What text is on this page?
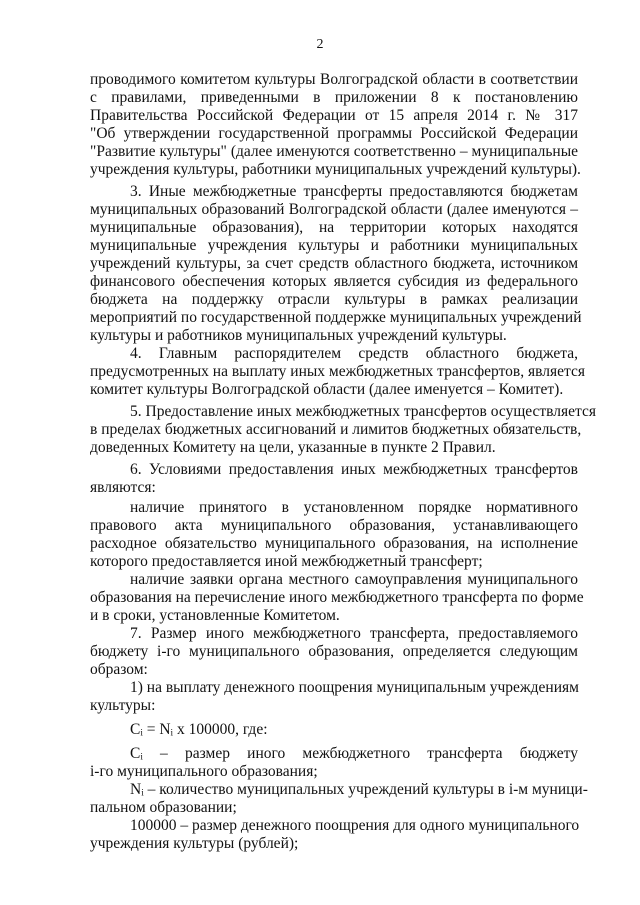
2
проводимого комитетом культуры Волгоградской области в соответствии
с правилами, приведенными в приложении 8 к постановлению
Правительства Российской Федерации от 15 апреля 2014 г. № 317
"Об утверждении государственной программы Российской Федерации
"Развитие культуры" (далее именуются соответственно – муниципальные
учреждения культуры, работники муниципальных учреждений культуры).
3. Иные межбюджетные трансферты предоставляются бюджетам
муниципальных образований Волгоградской области (далее именуются –
муниципальные образования), на территории которых находятся
муниципальные учреждения культуры и работники муниципальных
учреждений культуры, за счет средств областного бюджета, источником
финансового обеспечения которых является субсидия из федерального
бюджета на поддержку отрасли культуры в рамках реализации
мероприятий по государственной поддержке муниципальных учреждений
культуры и работников муниципальных учреждений культуры.
4. Главным распорядителем средств областного бюджета,
предусмотренных на выплату иных межбюджетных трансфертов, является
комитет культуры Волгоградской области (далее именуется – Комитет).
5. Предоставление иных межбюджетных трансфертов осуществляется
в пределах бюджетных ассигнований и лимитов бюджетных обязательств,
доведенных Комитету на цели, указанные в пункте 2 Правил.
6. Условиями предоставления иных межбюджетных трансфертов
являются:
наличие принятого в установленном порядке нормативного
правового акта муниципального образования, устанавливающего
расходное обязательство муниципального образования, на исполнение
которого предоставляется иной межбюджетный трансферт;
наличие заявки органа местного самоуправления муниципального
образования на перечисление иного межбюджетного трансферта по форме
и в сроки, установленные Комитетом.
7. Размер иного межбюджетного трансферта, предоставляемого
бюджету i-го муниципального образования, определяется следующим
образом:
1) на выплату денежного поощрения муниципальным учреждениям
культуры:
Cᵢ = Nᵢ x 100000, где:
Cᵢ – размер иного межбюджетного трансферта бюджету
i-го муниципального образования;
Nᵢ – количество муниципальных учреждений культуры в i-м муници-
пальном образовании;
100000 – размер денежного поощрения для одного муниципального
учреждения культуры (рублей);
